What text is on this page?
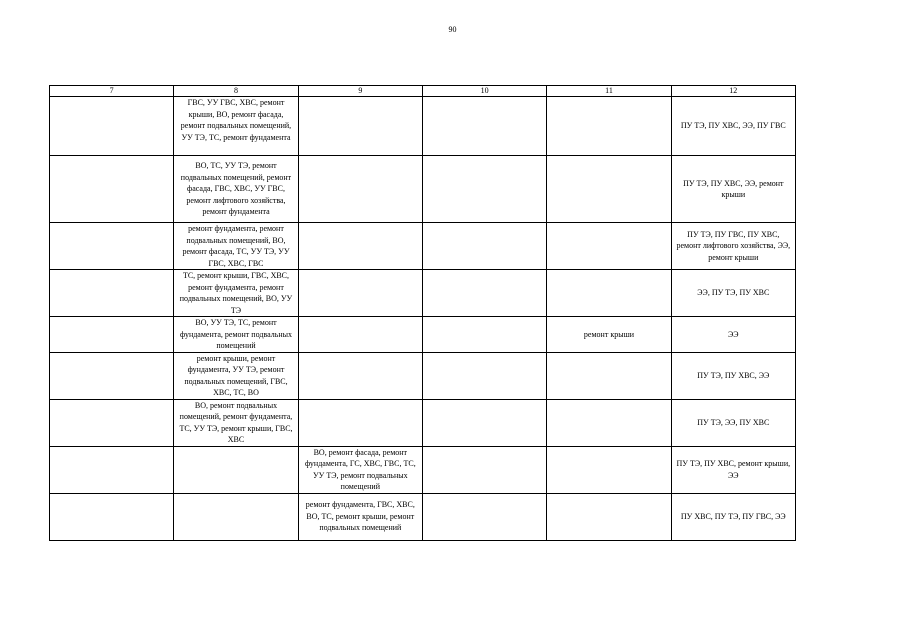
90
7	8	9	10	11	12
	ГВС, УУ ГВС, ХВС, ремонт крыши, ВО, ремонт фасада, ремонт подвальных помещений, УУ ТЭ, ТС, ремонт фундамента				ПУ ТЭ, ПУ ХВС, ЭЭ, ПУ ГВС
	ВО, ТС, УУ ТЭ, ремонт подвальных помещений, ремонт фасада, ГВС, ХВС, УУ ГВС, ремонт лифтового хозяйства, ремонт фундамента				ПУ ТЭ, ПУ ХВС, ЭЭ, ремонт крыши
	ремонт фундамента, ремонт подвальных помещений, ВО, ремонт фасада, ТС, УУ ТЭ, УУ ГВС, ХВС, ГВС				ПУ ТЭ, ПУ ГВС, ПУ ХВС, ремонт лифтового хозяйства, ЭЭ, ремонт крыши
	ТС, ремонт крыши, ГВС, ХВС, ремонт фундамента, ремонт подвальных помещений, ВО, УУ ТЭ				ЭЭ, ПУ ТЭ, ПУ ХВС
	ВО, УУ ТЭ, ТС, ремонт фундамента, ремонт подвальных помещений			ремонт крыши	ЭЭ
	ремонт крыши, ремонт фундамента, УУ ТЭ, ремонт подвальных помещений, ГВС, ХВС, ТС, ВО				ПУ ТЭ, ПУ ХВС, ЭЭ
	ВО, ремонт подвальных помещений, ремонт фундамента, ТС, УУ ТЭ, ремонт крыши, ГВС, ХВС				ПУ ТЭ, ЭЭ, ПУ ХВС
		ВО, ремонт фасада, ремонт фундамента, ГС, ХВС, ГВС, ТС, УУ ТЭ, ремонт подвальных помещений			ПУ ТЭ, ПУ ХВС, ремонт крыши, ЭЭ
		ремонт фундамента, ГВС, ХВС, ВО, ТС, ремонт крыши, ремонт подвальных помещений			ПУ ХВС, ПУ ТЭ, ПУ ГВС, ЭЭ
